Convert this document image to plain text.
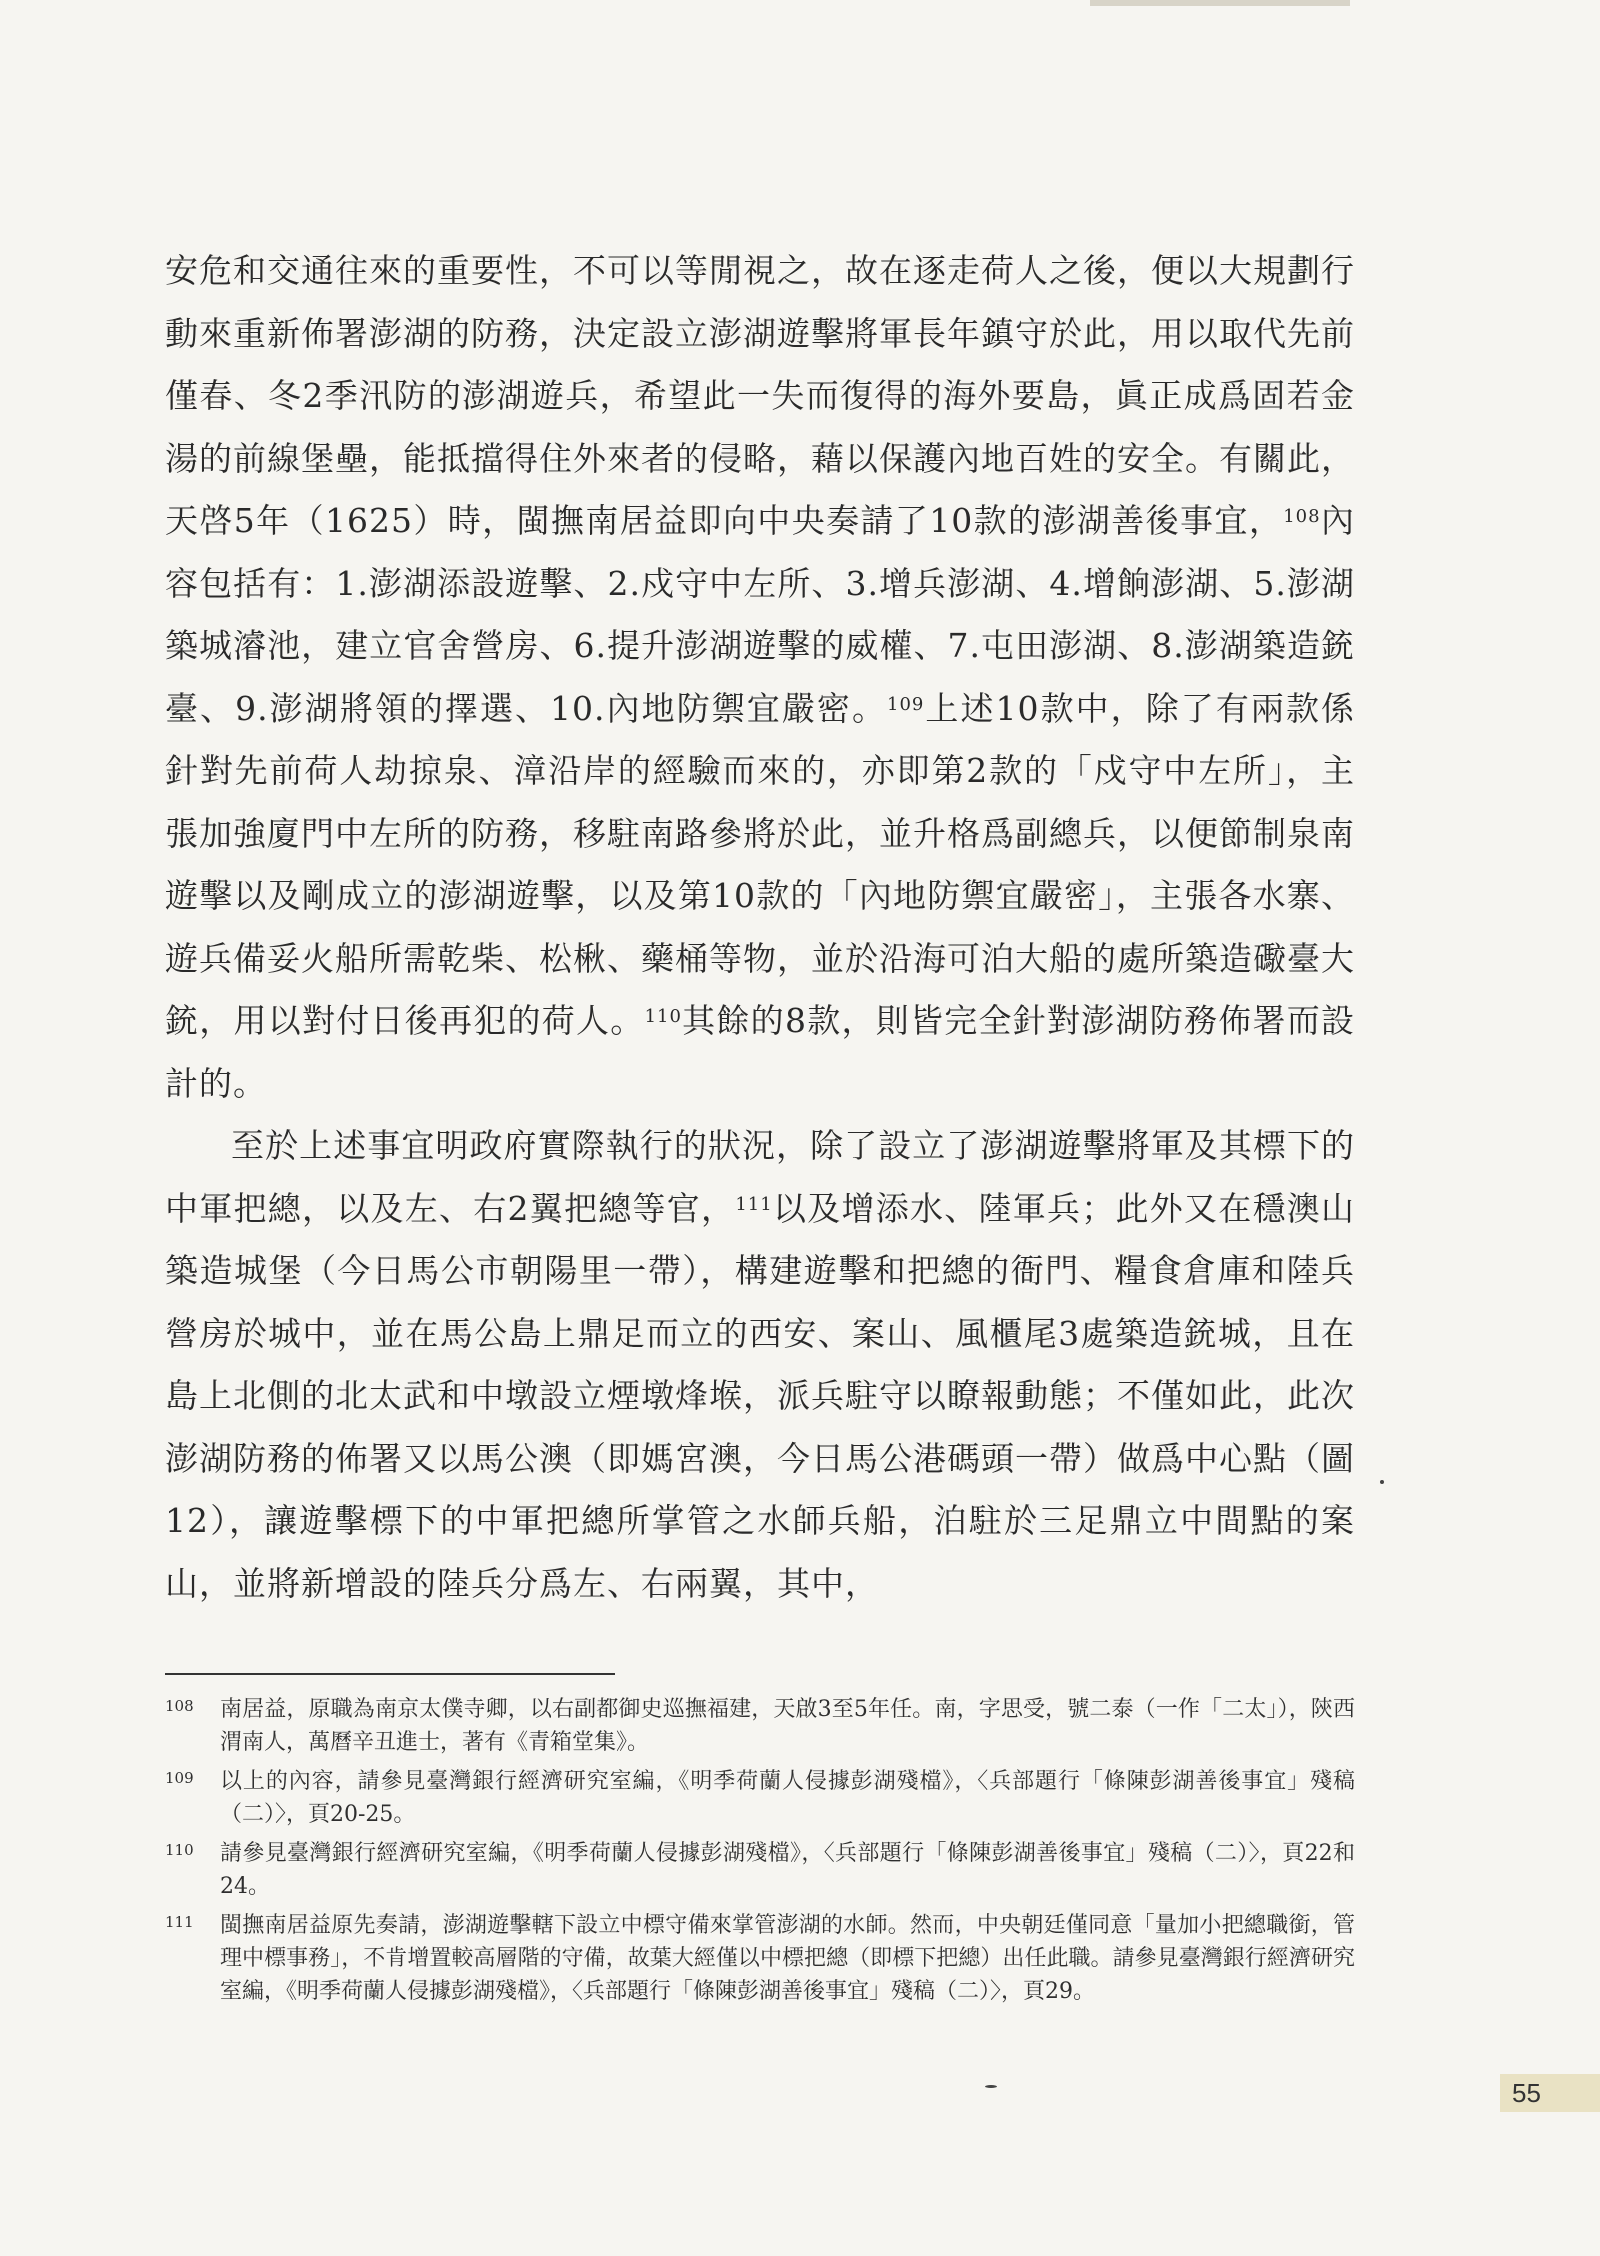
安危和交通往來的重要性，不可以等閒視之，故在逐走荷人之後，便以大規劃行動來重新佈署澎湖的防務，決定設立澎湖遊擊將軍長年鎮守於此，用以取代先前僅春、冬2季汛防的澎湖遊兵，希望此一失而復得的海外要島，眞正成爲固若金湯的前線堡壘，能抵擋得住外來者的侵略，藉以保護內地百姓的安全。有關此，天啓5年（1625）時，閩撫南居益即向中央奏請了10款的澎湖善後事宜，$^{108}$內容包括有：1.澎湖添設遊擊、2.戍守中左所、3.增兵澎湖、4.增餉澎湖、5.澎湖築城濬池，建立官舍營房、6.提升澎湖遊擊的威權、7.屯田澎湖、8.澎湖築造銃臺、9.澎湖將領的擇選、10.內地防禦宜嚴密。$^{109}$上述10款中，除了有兩款係針對先前荷人劫掠泉、漳沿岸的經驗而來的，亦即第2款的「戍守中左所」，主張加強廈門中左所的防務，移駐南路參將於此，並升格爲副總兵，以便節制泉南遊擊以及剛成立的澎湖遊擊，以及第10款的「內地防禦宜嚴密」，主張各水寨、遊兵備妥火船所需乾柴、松楸、藥桶等物，並於沿海可泊大船的處所築造礮臺大銃，用以對付日後再犯的荷人。$^{110}$其餘的8款，則皆完全針對澎湖防務佈署而設計的。

至於上述事宜明政府實際執行的狀況，除了設立了澎湖遊擊將軍及其標下的中軍把總，以及左、右2翼把總等官，$^{111}$以及增添水、陸軍兵；此外又在穩澳山築造城堡（今日馬公市朝陽里一帶），構建遊擊和把總的衙門、糧食倉庫和陸兵營房於城中，並在馬公島上鼎足而立的西安、案山、風櫃尾3處築造銃城，且在島上北側的北太武和中墩設立煙墩烽堠，派兵駐守以瞭報動態；不僅如此，此次澎湖防務的佈署又以馬公澳（即媽宮澳，今日馬公港碼頭一帶）做爲中心點（圖12），讓遊擊標下的中軍把總所掌管之水師兵船，泊駐於三足鼎立中間點的案山，並將新增設的陸兵分爲左、右兩翼，其中，

108	南居益，原職為南京太僕寺卿，以右副都御史巡撫福建，天啟3至5年任。南，字思受，號二泰（一作「二太」），陝西渭南人，萬曆辛丑進士，著有《青箱堂集》。
109	以上的內容，請參見臺灣銀行經濟研究室編，《明季荷蘭人侵據彭湖殘檔》，〈兵部題行「條陳彭湖善後事宜」殘稿（二）〉，頁20-25。
110	請參見臺灣銀行經濟研究室編，《明季荷蘭人侵據彭湖殘檔》，〈兵部題行「條陳彭湖善後事宜」殘稿（二）〉，頁22和24。
111	閩撫南居益原先奏請，澎湖遊擊轄下設立中標守備來掌管澎湖的水師。然而，中央朝廷僅同意「量加小把總職銜，管理中標事務」，不肯增置較高層階的守備，故葉大經僅以中標把總（即標下把總）出任此職。請參見臺灣銀行經濟研究室編，《明季荷蘭人侵據彭湖殘檔》，〈兵部題行「條陳彭湖善後事宜」殘稿（二）〉，頁29。
55
